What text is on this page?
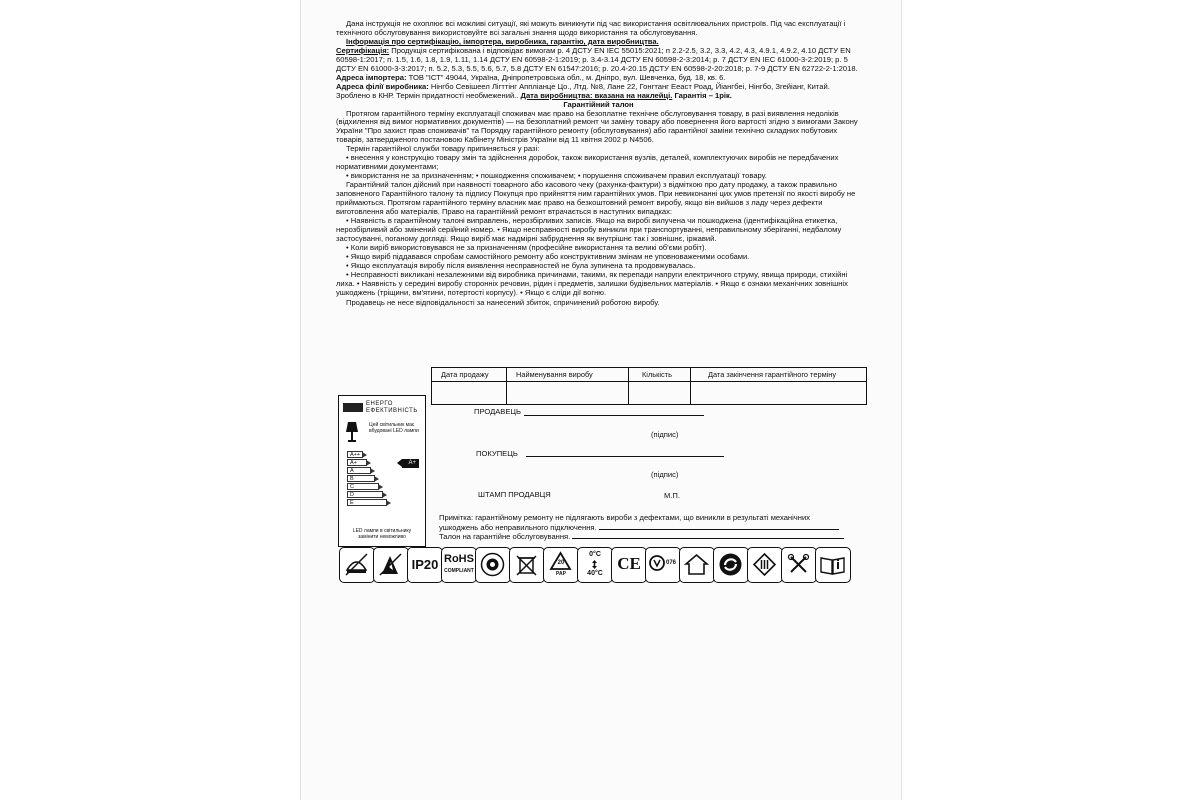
Дана інструкція не охоплює всі можливі ситуації, які можуть виникнути під час використання освітлювальних пристроїв. Під час експлуатації і технічного обслуговування використовуйте всі загальні знання щодо використання та обслуговування.

Інформація про сертифікацію, імпортера, виробника, гарантію, дата виробництва.

Сертифікація: Продукція сертифікована і відповідає вимогам р. 4 ДСТУ EN IEC 55015:2021; п 2.2-2.5, 3.2, 3.3, 4.2, 4.3, 4.9.1, 4.9.2, 4.10 ДСТУ EN 60598-1:2017; п. 1.5, 1.6, 1.8, 1.9, 1.11, 1.14 ДСТУ EN 60598-2-1:2019; р. 3.4-3.14 ДСТУ EN 60598-2-3:2014; р. 7 ДСТУ EN IEC 61000-3-2:2019; р. 5 ДСТУ EN 61000-3-3:2017; п. 5.2, 5.3, 5.5, 5.6, 5.7, 5.8 ДСТУ EN 61547:2016; р. 20.4-20.15 ДСТУ EN 60598-2-20:2018; р. 7-9 ДСТУ EN 62722-2-1:2018.

Адреса імпортера: ТОВ "ІСТ" 49044, Україна, Дніпропетровська обл., м. Дніпро, вул. Шевченка, буд. 18, кв. 6.

Адреса філії виробника: Нінгбо Севішеел Лігттінг Аппліанце Цо., Лтд. №8, Лане 22, Гонгтанг Ееаст Роад, Йіангбеі, Нінгбо, Згейіанг, Китай. Зроблено в КНР. Термін придатності необмежений.. Дата виробництва: вказана на наклейці. Гарантія – 1рік.

Гарантійний талон

Протягом гарантійного терміну експлуатації споживач має право на безоплатне технічне обслуговування товару, в разі виявлення недоліків (відхилення від вимог нормативних документів) — на безоплатний ремонт чи заміну товару або повернення його вартості згідно з вимогами Закону України "Про захист прав споживачів" та Порядку гарантійного ремонту (обслуговування) або гарантійної заміни технічно складних побутових товарів, затвердженого постановою Кабінету Міністрів України від 11 квітня 2002 р N4506.

Термін гарантійної служби товару припиняється у разі:

• внесення у конструкцію товару змін та здійснення доробок, також використання вузлів, деталей, комплектуючих виробів не передбачених нормативними документами;

• використання не за призначенням; • пошкодження споживачем; • порушення споживачем правил експлуатації товару.

Гарантійний талон дійсний при наявності товарного або касового чеку (рахунка-фактури) з відміткою про дату продажу, а також правильно заповненого Гарантійного талону та підпису Покупця про прийняття ним гарантійних умов. При невиконанні цих умов претензії по якості виробу не приймаються. Протягом гарантійного терміну власник має право на безкоштовний ремонт виробу, якщо він вийшов з ладу через дефекти виготовлення або матеріалів. Право на гарантійний ремонт втрачається в наступних випадках:

• Наявність в гарантійному талоні виправлень, нерозбірливих записів. Якщо на виробі вилучена чи пошкоджена (ідентифікаційна етикетка, нерозбірливий або змінений серійний номер. • Якщо несправності виробу виникли при транспортуванні, неправильному зберіганні, недбалому застосуванні, поганому догляді. Якщо виріб має надмірні забруднення як внутрішнє так і зовнішнє, іржавий.

• Коли виріб використовувався не за призначенням (професійне використання та великі об'єми робіт).

• Якщо виріб піддавався спробам самостійного ремонту або конструктивним змінам не уповноваженими особами.

• Якщо експлуатація виробу після виявлення несправностей не була зупинена та продовжувалась.

• Несправності викликані незалежними від виробника причинами, такими, як перепади напруги електричного струму, явища природи, стихійні лиха. • Наявність у середині виробу сторонніх речовин, рідин і предметів, залишки будівельних матеріалів. • Якщо є ознаки механічних зовнішніх ушкоджень (тріщини, вм'ятини, потертості корпусу). • Якщо є сліди дії вогню.

Продавець не несе відповідальності за нанесений збиток, спричинений роботою виробу.

ЕНЕРГО ЕФЕКТИВНІСТЬ
Цей світильник має вбудовані LED лампи
A++
A+
A
B
C
D
E
A+
LED лампи в світильнику замінити неможливо
Дата продажу	Найменування виробу	Кількість	Дата закінчення гарантійного терміну
ПРОДАВЕЦЬ
(підпис)
ПОКУПЕЦЬ
(підпис)
ШТАМП ПРОДАВЦЯ	М.П.

Примітка: гарантійному ремонту не підлягають вироби з дефектами, що виникли в результаті механічних

ушкоджень або неправильного підключення.

Талон на гарантійне обслуговування.

IP20 RoHS
COMPLIANT
20
PAP
0°C
40°C
CE	076
